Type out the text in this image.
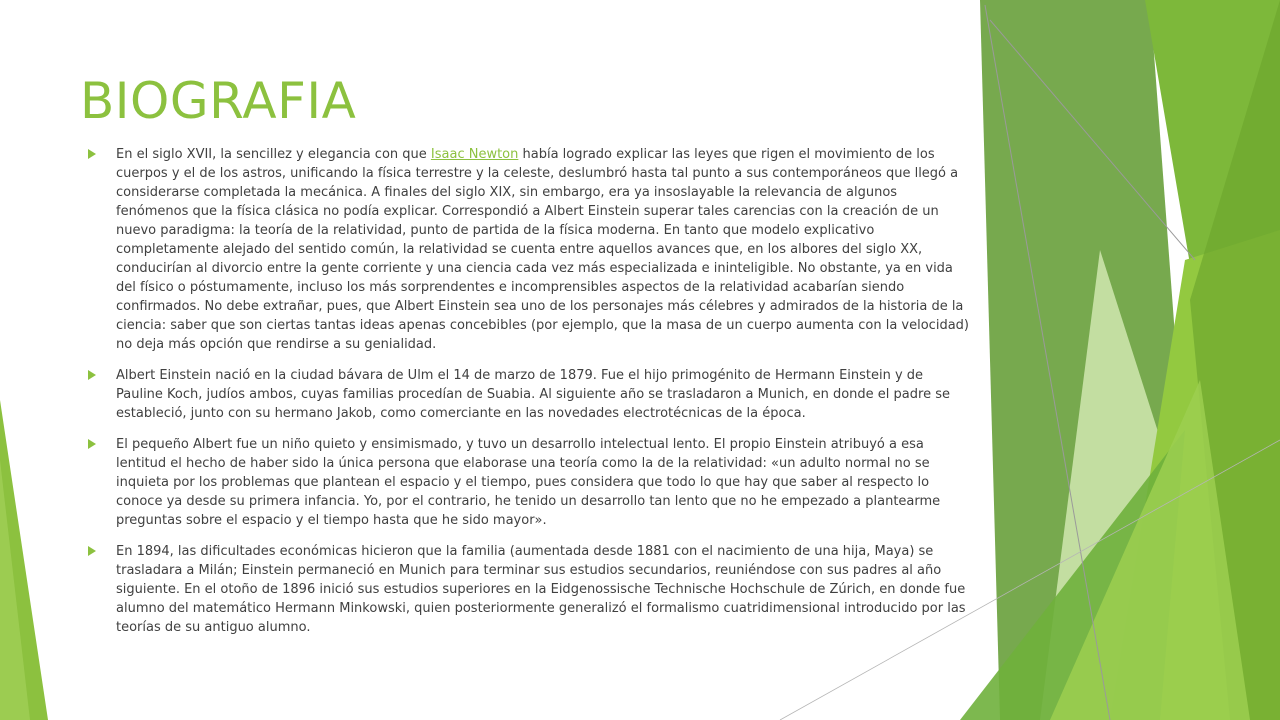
BIOGRAFIA
En el siglo XVII, la sencillez y elegancia con que Isaac Newton había logrado explicar las leyes que rigen el movimiento de los cuerpos y el de los astros, unificando la física terrestre y la celeste, deslumbró hasta tal punto a sus contemporáneos que llegó a considerarse completada la mecánica. A finales del siglo XIX, sin embargo, era ya insoslayable la relevancia de algunos fenómenos que la física clásica no podía explicar. Correspondió a Albert Einstein superar tales carencias con la creación de un nuevo paradigma: la teoría de la relatividad, punto de partida de la física moderna. En tanto que modelo explicativo completamente alejado del sentido común, la relatividad se cuenta entre aquellos avances que, en los albores del siglo XX, conducirían al divorcio entre la gente corriente y una ciencia cada vez más especializada e ininteligible. No obstante, ya en vida del físico o póstumamente, incluso los más sorprendentes e incomprensibles aspectos de la relatividad acabarían siendo confirmados. No debe extrañar, pues, que Albert Einstein sea uno de los personajes más célebres y admirados de la historia de la ciencia: saber que son ciertas tantas ideas apenas concebibles (por ejemplo, que la masa de un cuerpo aumenta con la velocidad) no deja más opción que rendirse a su genialidad.
Albert Einstein nació en la ciudad bávara de Ulm el 14 de marzo de 1879. Fue el hijo primogénito de Hermann Einstein y de Pauline Koch, judíos ambos, cuyas familias procedían de Suabia. Al siguiente año se trasladaron a Munich, en donde el padre se estableció, junto con su hermano Jakob, como comerciante en las novedades electrotécnicas de la época.
El pequeño Albert fue un niño quieto y ensimismado, y tuvo un desarrollo intelectual lento. El propio Einstein atribuyó a esa lentitud el hecho de haber sido la única persona que elaborase una teoría como la de la relatividad: «un adulto normal no se inquieta por los problemas que plantean el espacio y el tiempo, pues considera que todo lo que hay que saber al respecto lo conoce ya desde su primera infancia. Yo, por el contrario, he tenido un desarrollo tan lento que no he empezado a plantearme preguntas sobre el espacio y el tiempo hasta que he sido mayor».
En 1894, las dificultades económicas hicieron que la familia (aumentada desde 1881 con el nacimiento de una hija, Maya) se trasladara a Milán; Einstein permaneció en Munich para terminar sus estudios secundarios, reuniéndose con sus padres al año siguiente. En el otoño de 1896 inició sus estudios superiores en la Eidgenossische Technische Hochschule de Zúrich, en donde fue alumno del matemático Hermann Minkowski, quien posteriormente generalizó el formalismo cuatridimensional introducido por las teorías de su antiguo alumno.
